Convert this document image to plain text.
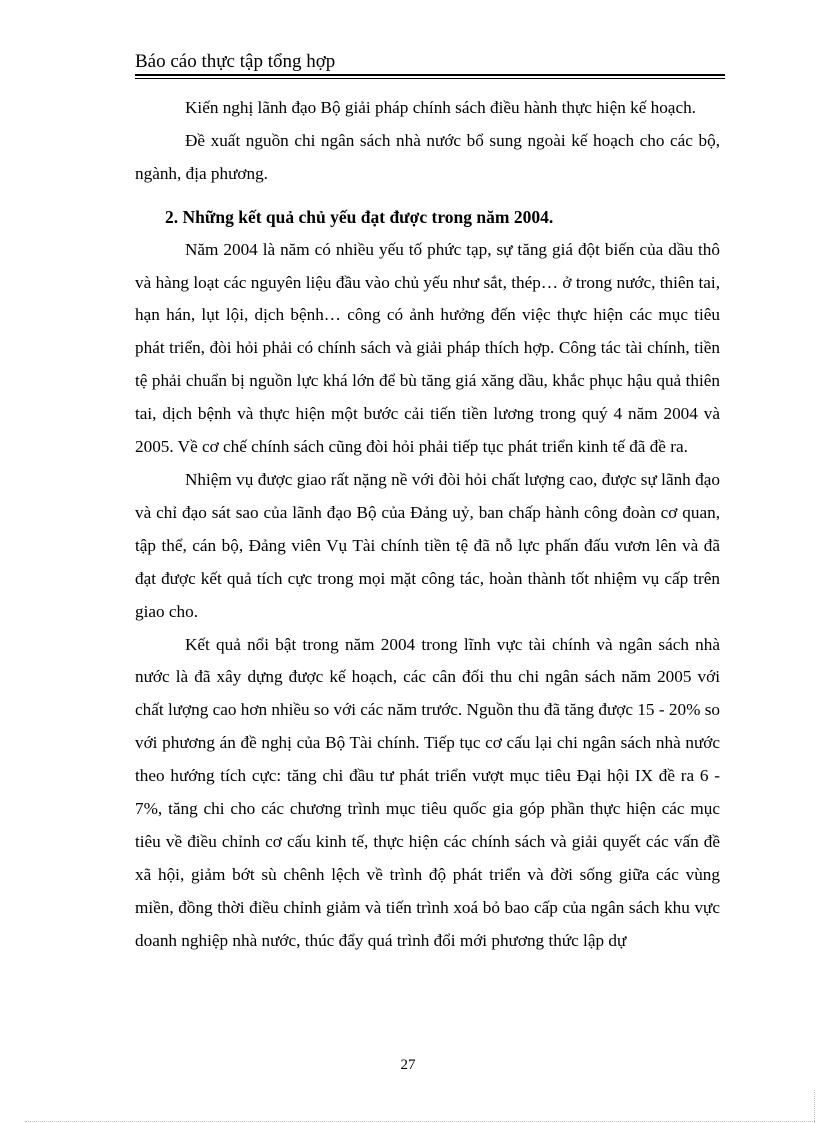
Báo cáo thực tập tổng hợp

Kiến nghị lãnh đạo Bộ giải pháp chính sách điều hành thực hiện kế hoạch.

Đề xuất nguồn chi ngân sách nhà nước bổ sung ngoài kế hoạch cho các bộ, ngành, địa phương.

2. Những kết quả chủ yếu đạt được trong năm 2004.

Năm 2004 là năm có nhiều yếu tố phức tạp, sự tăng giá đột biến của dầu thô và hàng loạt các nguyên liệu đầu vào chủ yếu như sắt, thép… ở trong nước, thiên tai, hạn hán, lụt lội, dịch bệnh… công có ảnh hưởng đến việc thực hiện các mục tiêu phát triển, đòi hỏi phải có chính sách và giải pháp thích hợp. Công tác tài chính, tiền tệ phải chuẩn bị nguồn lực khá lớn để bù tăng giá xăng dầu, khắc phục hậu quả thiên tai, dịch bệnh và thực hiện một bước cải tiến tiền lương trong quý 4 năm 2004 và 2005. Về cơ chế chính sách cũng đòi hỏi phải tiếp tục phát triển kinh tế đã đề ra.

Nhiệm vụ được giao rất nặng nề với đòi hỏi chất lượng cao, được sự lãnh đạo và chỉ đạo sát sao của lãnh đạo Bộ của Đảng uỷ, ban chấp hành công đoàn cơ quan, tập thể, cán bộ, Đảng viên Vụ Tài chính tiền tệ đã nỗ lực phấn đấu vươn lên và đã đạt được kết quả tích cực trong mọi mặt công tác, hoàn thành tốt nhiệm vụ cấp trên giao cho.

Kết quả nổi bật trong năm 2004 trong lĩnh vực tài chính và ngân sách nhà nước là đã xây dựng được kế hoạch, các cân đối thu chi ngân sách năm 2005 với chất lượng cao hơn nhiều so với các năm trước. Nguồn thu đã tăng được 15 - 20% so với phương án đề nghị của Bộ Tài chính. Tiếp tục cơ cấu lại chi ngân sách nhà nước theo hướng tích cực: tăng chi đầu tư phát triển vượt mục tiêu Đại hội IX đề ra 6 - 7%, tăng chi cho các chương trình mục tiêu quốc gia góp phần thực hiện các mục tiêu về điều chỉnh cơ cấu kinh tế, thực hiện các chính sách và giải quyết các vấn đề xã hội, giảm bớt sù chênh lệch về trình độ phát triển và đời sống giữa các vùng miền, đồng thời điều chỉnh giảm và tiến trình xoá bỏ bao cấp của ngân sách khu vực doanh nghiệp nhà nước, thúc đẩy quá trình đổi mới phương thức lập dự

27
